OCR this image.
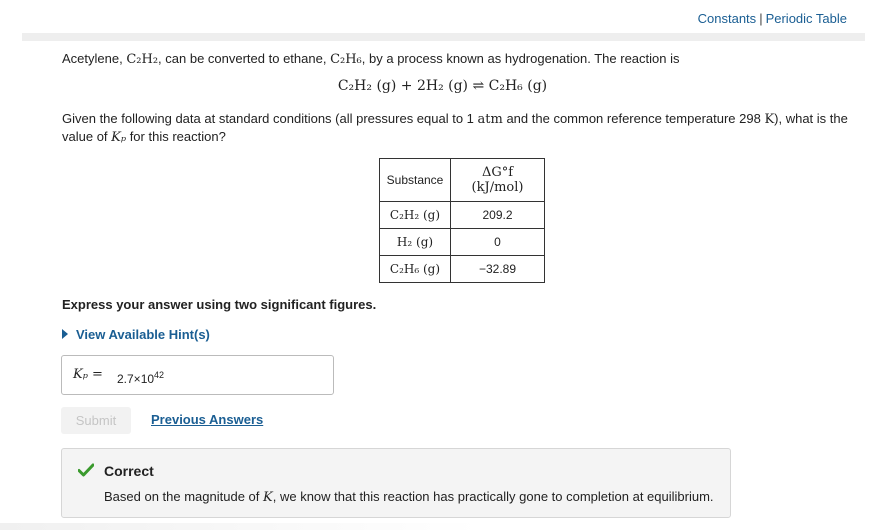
Constants | Periodic Table
Acetylene, C₂H₂, can be converted to ethane, C₂H₆, by a process known as hydrogenation. The reaction is
C₂H₂ (g) + 2H₂ (g) ⇌ C₂H₆ (g)
Given the following data at standard conditions (all pressures equal to 1 atm and the common reference temperature 298 K), what is the value of Kₚ for this reaction?
Substance	ΔG°f
(kJ/mol)

C₂H₂ (g)	209.2
H₂ (g)	0
C₂H₆ (g)	−32.89
Express your answer using two significant figures.
View Available Hint(s)
$K_p = 2.7\times 10^{42}$
Submit	Previous Answers
Correct
Based on the magnitude of K, we know that this reaction has practically gone to completion at equilibrium.
